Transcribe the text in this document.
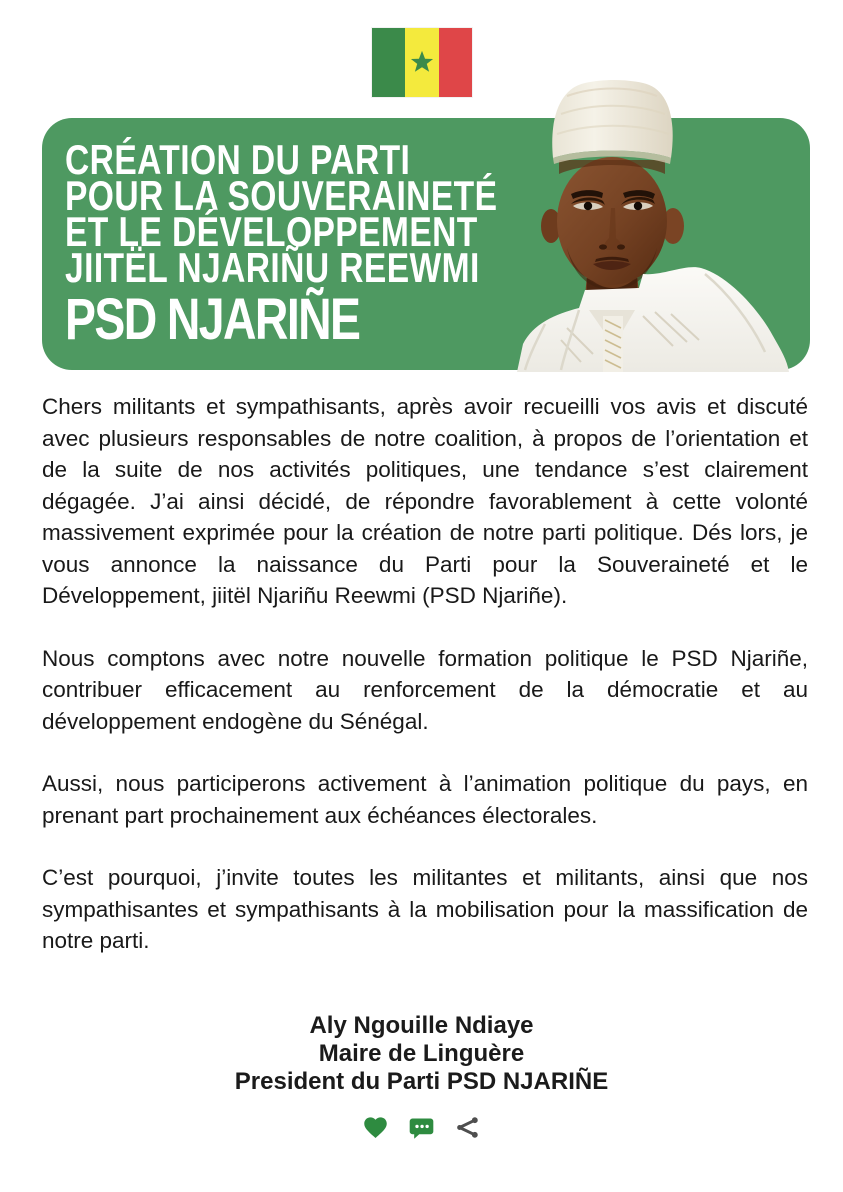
CRÉATION DU PARTI
POUR LA SOUVERAINETÉ
ET LE DÉVELOPPEMENT
JIITËL NJARIÑU REEWMI
PSD NJARIÑE

Chers militants et sympathisants, après avoir recueilli vos avis et discuté avec plusieurs responsables de notre coalition, à propos de l’orientation et de la suite de nos activités politiques, une tendance s’est clairement dégagée. J’ai ainsi décidé, de répondre favorablement à cette volonté massivement exprimée pour la création de notre parti politique. Dés lors, je vous annonce la naissance du Parti pour la Souveraineté et le Développement, jiitël Njariñu Reewmi (PSD Njariñe).

Nous comptons avec notre nouvelle formation politique le PSD Njariñe, contribuer efficacement au renforcement de la démocratie et au développement endogène du Sénégal.

Aussi, nous participerons activement à l’animation politique du pays, en prenant part prochainement aux échéances électorales.

C’est pourquoi, j’invite toutes les militantes et militants, ainsi que nos sympathisantes et sympathisants à la mobilisation pour la massification de notre parti.

Aly Ngouille Ndiaye
Maire de Linguère
President du Parti PSD NJARIÑE
